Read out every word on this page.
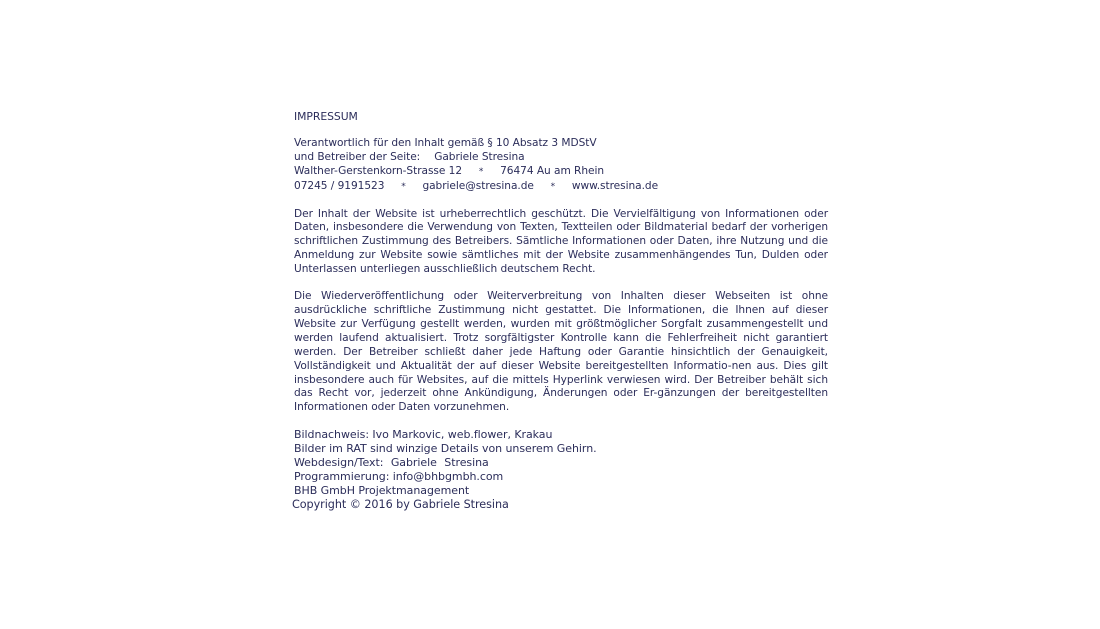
IMPRESSUM
Verantwortlich für den Inhalt gemäß § 10 Absatz 3 MDStV
und Betreiber der Seite: Gabriele Stresina
Walther-Gerstenkorn-Strasse 12 * 76474 Au am Rhein
07245 / 9191523 * gabriele@stresina.de * www.stresina.de

Der Inhalt der Website ist urheberrechtlich geschützt. Die Vervielfältigung von Informationen oder Daten, insbesondere die Verwendung von Texten, Textteilen oder Bildmaterial bedarf der vorherigen schriftlichen Zustimmung des Betreibers. Sämtliche Informationen oder Daten, ihre Nutzung und die Anmeldung zur Website sowie sämtliches mit der Website zusammenhängendes Tun, Dulden oder Unterlassen unterliegen ausschließlich deutschem Recht.

Die Wiederveröffentlichung oder Weiterverbreitung von Inhalten dieser Webseiten ist ohne ausdrückliche schriftliche Zustimmung nicht gestattet. Die Informationen, die Ihnen auf dieser Website zur Verfügung gestellt werden, wurden mit größtmöglicher Sorgfalt zusammengestellt und werden laufend aktualisiert. Trotz sorgfältigster Kontrolle kann die Fehlerfreiheit nicht garantiert werden. Der Betreiber schließt daher jede Haftung oder Garantie hinsichtlich der Genauigkeit, Vollständigkeit und Aktualität der auf dieser Website bereitgestellten Informatio-nen aus. Dies gilt insbesondere auch für Websites, auf die mittels Hyperlink verwiesen wird. Der Betreiber behält sich das Recht vor, jederzeit ohne Ankündigung, Änderungen oder Er-gänzungen der bereitgestellten Informationen oder Daten vorzunehmen.

Bildnachweis: Ivo Markovic, web.flower, Krakau
Bilder im RAT sind winzige Details von unserem Gehirn.
Webdesign/Text: Gabriele Stresina
Programmierung: info@bhbgmbh.com
BHB GmbH Projektmanagement
Copyright © 2016 by Gabriele Stresina
